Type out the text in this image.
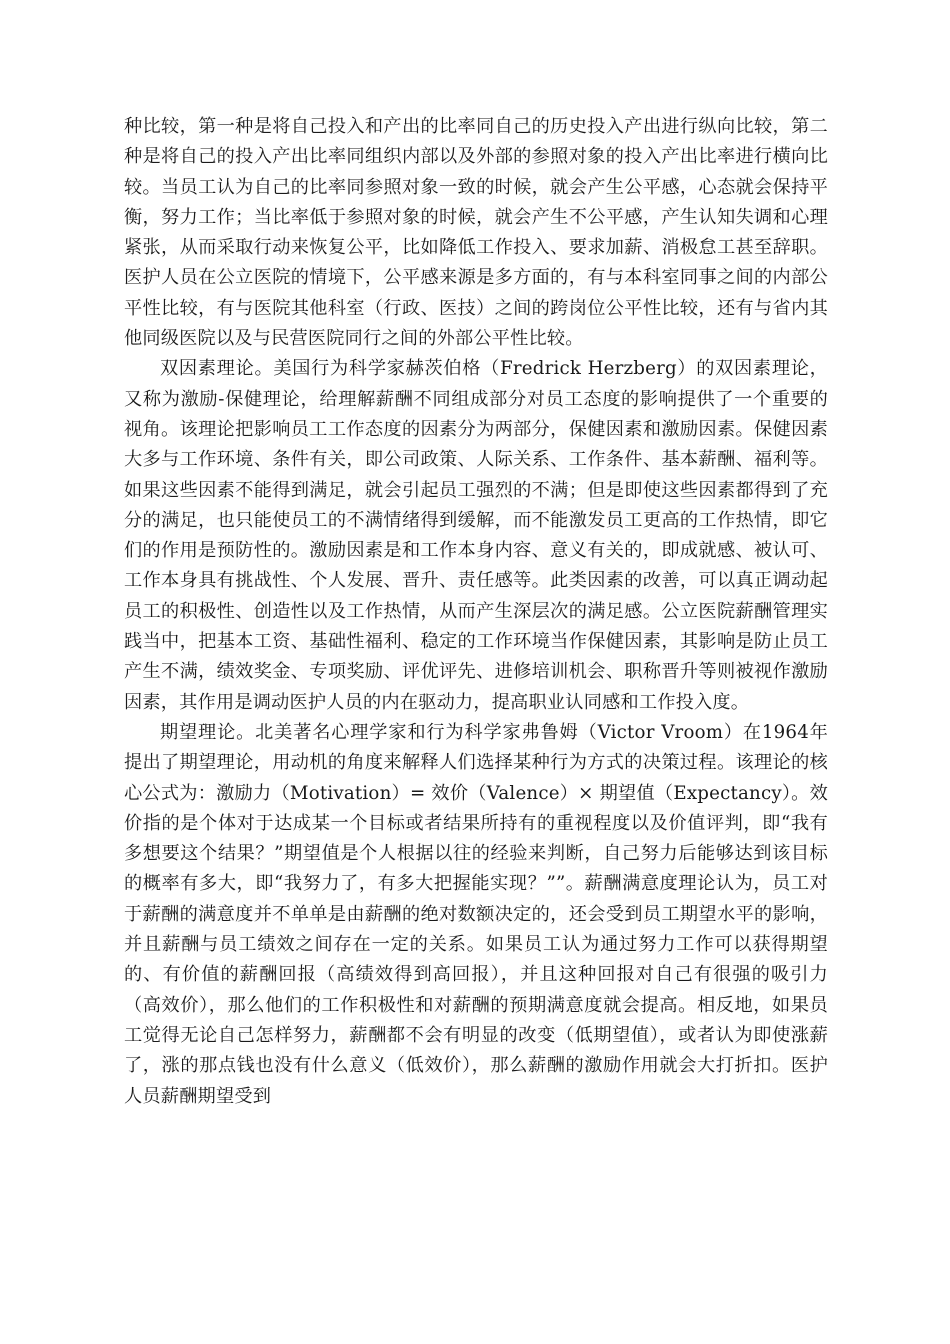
种比较，第一种是将自己投入和产出的比率同自己的历史投入产出进行纵向比较，第二种是将自己的投入产出比率同组织内部以及外部的参照对象的投入产出比率进行横向比较。当员工认为自己的比率同参照对象一致的时候，就会产生公平感，心态就会保持平衡，努力工作；当比率低于参照对象的时候，就会产生不公平感，产生认知失调和心理紧张，从而采取行动来恢复公平，比如降低工作投入、要求加薪、消极怠工甚至辞职。医护人员在公立医院的情境下，公平感来源是多方面的，有与本科室同事之间的内部公平性比较，有与医院其他科室（行政、医技）之间的跨岗位公平性比较，还有与省内其他同级医院以及与民营医院同行之间的外部公平性比较。

双因素理论。美国行为科学家赫茨伯格（Fredrick Herzberg）的双因素理论，又称为激励-保健理论，给理解薪酬不同组成部分对员工态度的影响提供了一个重要的视角。该理论把影响员工工作态度的因素分为两部分，保健因素和激励因素。保健因素大多与工作环境、条件有关，即公司政策、人际关系、工作条件、基本薪酬、福利等。如果这些因素不能得到满足，就会引起员工强烈的不满；但是即使这些因素都得到了充分的满足，也只能使员工的不满情绪得到缓解，而不能激发员工更高的工作热情，即它们的作用是预防性的。激励因素是和工作本身内容、意义有关的，即成就感、被认可、工作本身具有挑战性、个人发展、晋升、责任感等。此类因素的改善，可以真正调动起员工的积极性、创造性以及工作热情，从而产生深层次的满足感。公立医院薪酬管理实践当中，把基本工资、基础性福利、稳定的工作环境当作保健因素，其影响是防止员工产生不满，绩效奖金、专项奖励、评优评先、进修培训机会、职称晋升等则被视作激励因素，其作用是调动医护人员的内在驱动力，提高职业认同感和工作投入度。

期望理论。北美著名心理学家和行为科学家弗鲁姆（Victor Vroom）在1964年提出了期望理论，用动机的角度来解释人们选择某种行为方式的决策过程。该理论的核心公式为：激励力（Motivation）= 效价（Valence）× 期望值（Expectancy）。效价指的是个体对于达成某一个目标或者结果所持有的重视程度以及价值评判，即“我有多想要这个结果？”期望值是个人根据以往的经验来判断，自己努力后能够达到该目标的概率有多大，即“我努力了，有多大把握能实现？””。薪酬满意度理论认为，员工对于薪酬的满意度并不单单是由薪酬的绝对数额决定的，还会受到员工期望水平的影响，并且薪酬与员工绩效之间存在一定的关系。如果员工认为通过努力工作可以获得期望的、有价值的薪酬回报（高绩效得到高回报），并且这种回报对自己有很强的吸引力（高效价），那么他们的工作积极性和对薪酬的预期满意度就会提高。相反地，如果员工觉得无论自己怎样努力，薪酬都不会有明显的改变（低期望值），或者认为即使涨薪了，涨的那点钱也没有什么意义（低效价），那么薪酬的激励作用就会大打折扣。医护人员薪酬期望受到
